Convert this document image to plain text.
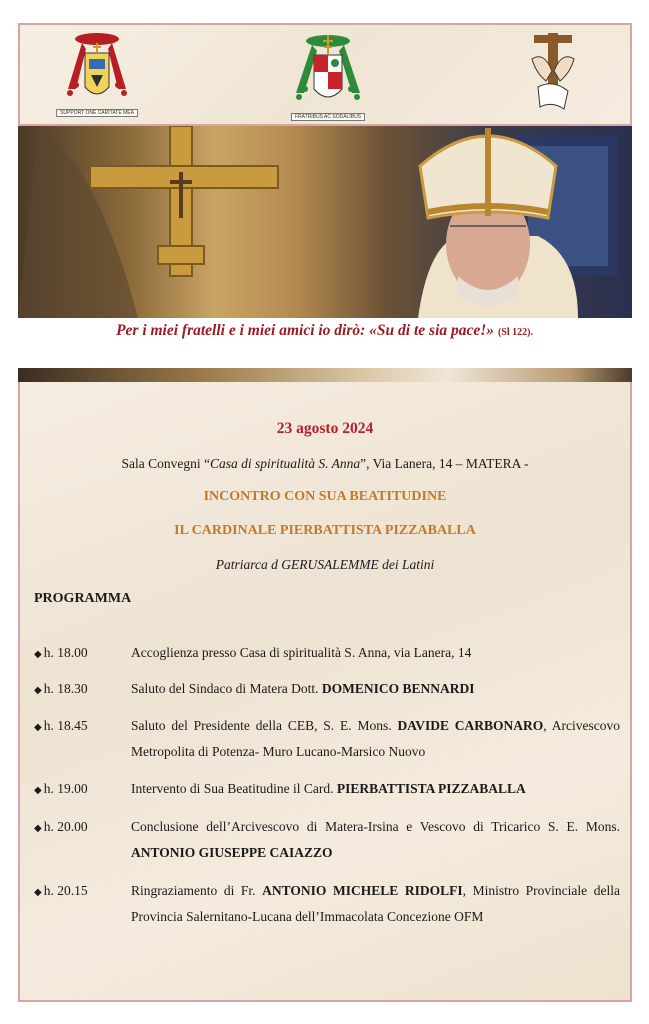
SUPPORT ONE CARITATE MEA
FRATRIBUS AC SODALIBUS
Per i miei fratelli e i miei amici io dirò: «Su di te sia pace!» (Sl 122).
23 agosto 2024
Sala Convegni “Casa di spiritualità S. Anna”, Via Lanera, 14 – MATERA -
INCONTRO CON SUA BEATITUDINE
IL CARDINALE PIERBATTISTA PIZZABALLA
Patriarca d GERUSALEMME dei Latini
PROGRAMMA
◆ h. 18.00	Accoglienza presso Casa di spiritualità S. Anna, via Lanera, 14
◆ h. 18.30	Saluto del Sindaco di Matera Dott. DOMENICO BENNARDI
◆ h. 18.45	Saluto del Presidente della CEB, S. E. Mons. DAVIDE CARBONARO, Arcivescovo Metropolita di Potenza- Muro Lucano-Marsico Nuovo
◆ h. 19.00	Intervento di Sua Beatitudine il Card. PIERBATTISTA PIZZABALLA
◆ h. 20.00	Conclusione dell’Arcivescovo di Matera-Irsina e Vescovo di Tricarico S. E. Mons. ANTONIO GIUSEPPE CAIAZZO
◆ h. 20.15	Ringraziamento di Fr. ANTONIO MICHELE RIDOLFI, Ministro Provinciale della Provincia Salernitano-Lucana dell’Immacolata Concezione OFM
